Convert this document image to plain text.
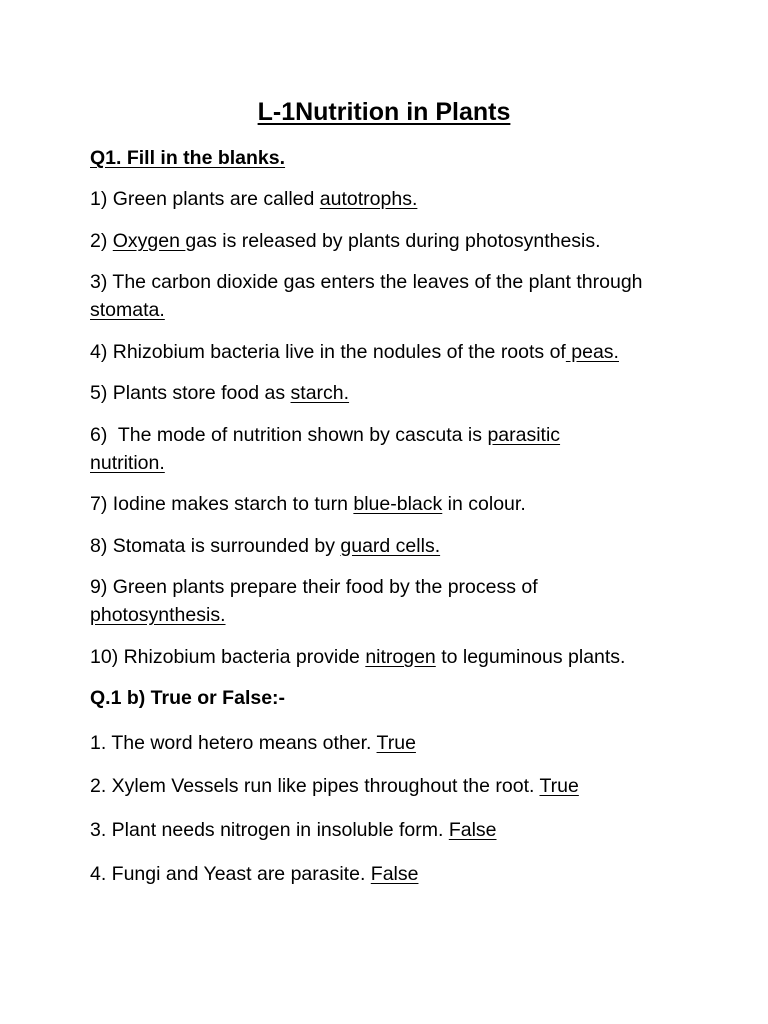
L-1Nutrition in Plants
Q1. Fill in the blanks.
1) Green plants are called autotrophs.
2) Oxygen gas is released by plants during photosynthesis.
3) The carbon dioxide gas enters the leaves of the plant through
stomata.
4) Rhizobium bacteria live in the nodules of the roots of peas.
5) Plants store food as starch.
6)  The mode of nutrition shown by cascuta is parasitic
nutrition.
7) Iodine makes starch to turn blue-black in colour.
8) Stomata is surrounded by guard cells.
9) Green plants prepare their food by the process of
photosynthesis.
10) Rhizobium bacteria provide nitrogen to leguminous plants.
Q.1 b) True or False:-
1. The word hetero means other. True
2. Xylem Vessels run like pipes throughout the root. True
3. Plant needs nitrogen in insoluble form. False
4. Fungi and Yeast are parasite. False
